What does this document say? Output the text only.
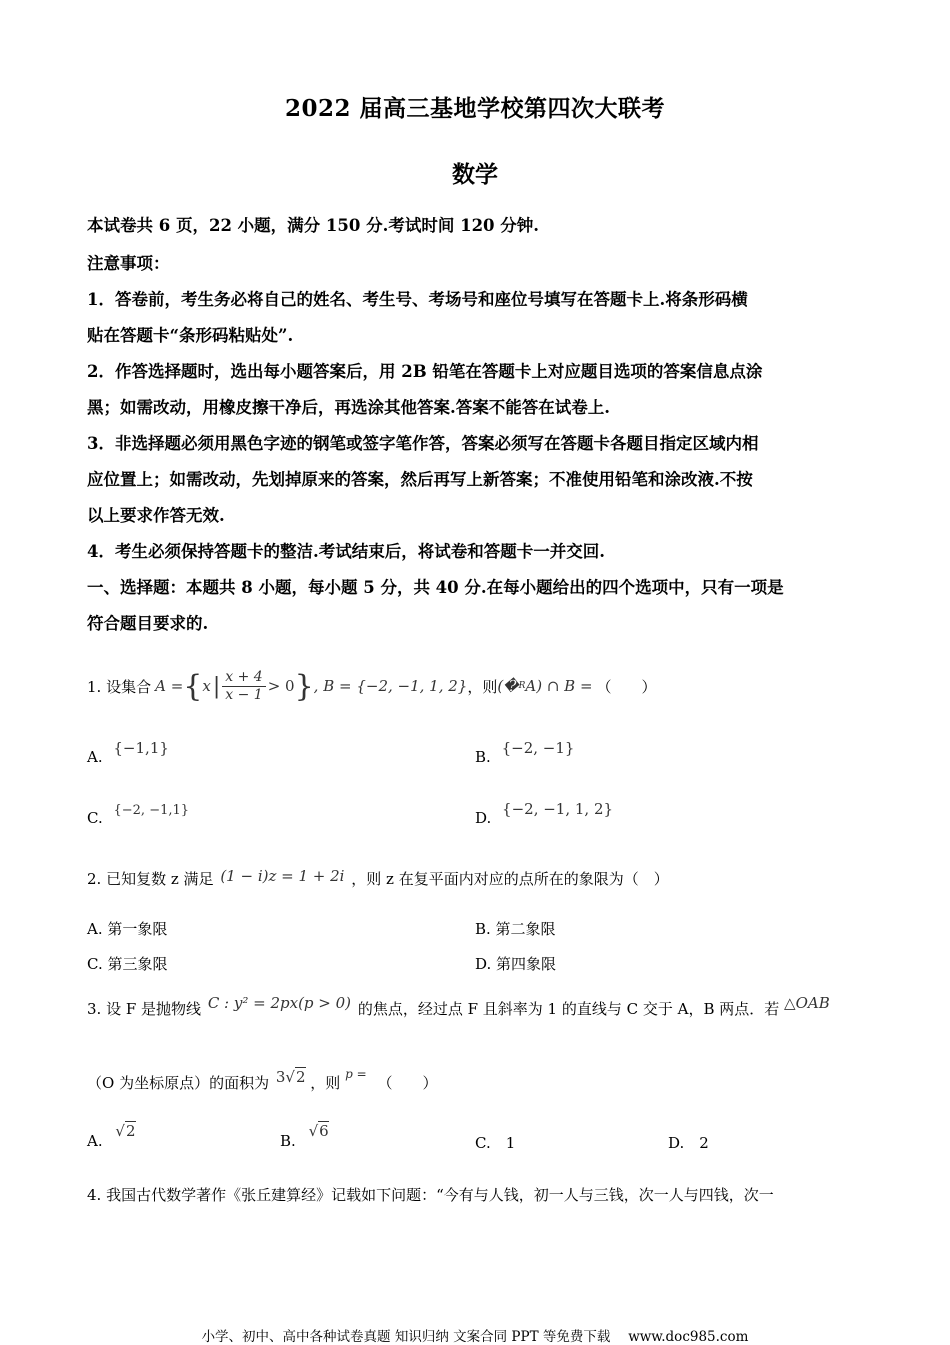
2022 届高三基地学校第四次大联考
数学
本试卷共 6 页，22 小题，满分 150 分.考试时间 120 分钟.
注意事项：
1．答卷前，考生务必将自己的姓名、考生号、考场号和座位号填写在答题卡上.将条形码横
贴在答题卡“条形码粘贴处”.
2．作答选择题时，选出每小题答案后，用 2B 铅笔在答题卡上对应题目选项的答案信息点涂
黑；如需改动，用橡皮擦干净后，再选涂其他答案.答案不能答在试卷上.
3．非选择题必须用黑色字迹的钢笔或签字笔作答，答案必须写在答题卡各题目指定区域内相
应位置上；如需改动，先划掉原来的答案，然后再写上新答案；不准使用铅笔和涂改液.不按
以上要求作答无效.
4．考生必须保持答题卡的整洁.考试结束后，将试卷和答题卡一并交回.
一、选择题：本题共 8 小题，每小题 5 分，共 40 分.在每小题给出的四个选项中，只有一项是
符合题目要求的.
1. 设集合 A = { x | $\frac{x + 4}{x - 1} > 0$ } , B = {−2, −1, 1, 2} ，则 (� R A) ∩ B = （　　）
A. {−1,1}	B. {−2, −1}
C. {−2, −1,1}	D. {−2, −1, 1, 2}
2. 已知复数 z 满足 (1 − i)z = 1 + 2i ，则 z 在复平面内对应的点所在的象限为（　）
A. 第一象限	B. 第二象限
C. 第三象限	D. 第四象限
3. 设 F 是抛物线 C : y² = 2px(p > 0) 的焦点，经过点 F 且斜率为 1 的直线与 C 交于 A，B 两点．若 △OAB
（O 为坐标原点）的面积为 3√2 ，则 $^{p =}$ （　　）
A. √2
B. √6
C.　1	D.　2
4. 我国古代数学著作《张丘建算经》记载如下问题：“今有与人钱，初一人与三钱，次一人与四钱，次一
小学、初中、高中各种试卷真题 知识归纳 文案合同 PPT 等免费下载　 www.doc985.com
